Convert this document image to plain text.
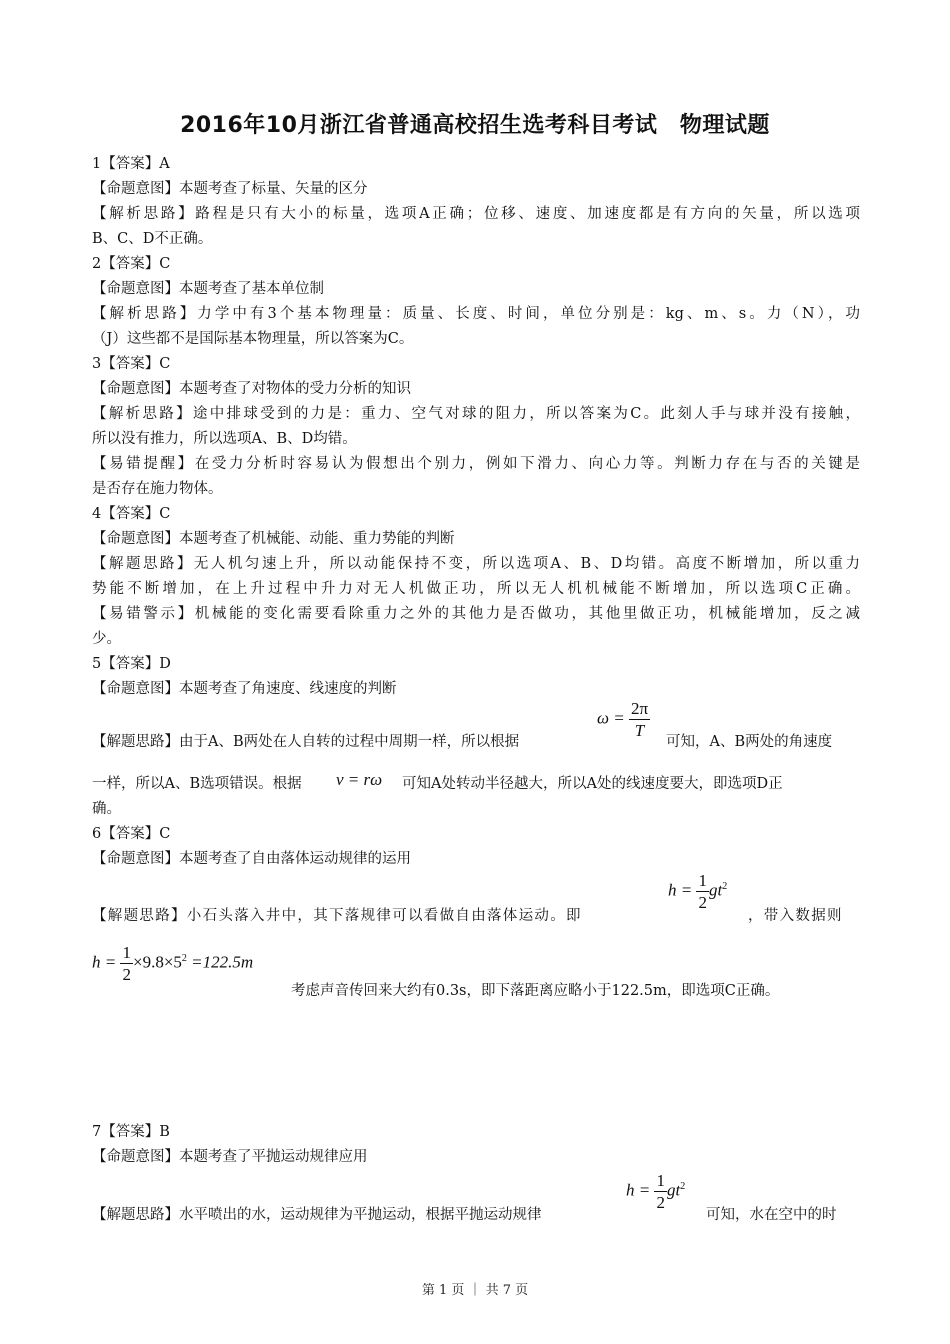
2016年10月浙江省普通高校招生选考科目考试　物理试题
1【答案】A
【命题意图】本题考查了标量、矢量的区分
【解析思路】路程是只有大小的标量，选项A正确；位移、速度、加速度都是有方向的矢量，所以选项
B、C、D不正确。
2【答案】C
【命题意图】本题考查了基本单位制
【解析思路】力学中有3个基本物理量：质量、长度、时间，单位分别是：kg、m、s。力（N），功
（J）这些都不是国际基本物理量，所以答案为C。
3【答案】C
【命题意图】本题考查了对物体的受力分析的知识
【解析思路】途中排球受到的力是：重力、空气对球的阻力，所以答案为C。此刻人手与球并没有接触，
所以没有推力，所以选项A、B、D均错。
【易错提醒】在受力分析时容易认为假想出个别力，例如下滑力、向心力等。判断力存在与否的关键是
是否存在施力物体。
4【答案】C
【命题意图】本题考查了机械能、动能、重力势能的判断
【解题思路】无人机匀速上升，所以动能保持不变，所以选项A、B、D均错。高度不断增加，所以重力
势能不断增加，在上升过程中升力对无人机做正功，所以无人机机械能不断增加，所以选项C正确。
【易错警示】机械能的变化需要看除重力之外的其他力是否做功，其他里做正功，机械能增加，反之减
少。
5【答案】D
【命题意图】本题考查了角速度、线速度的判断
【解题思路】由于A、B两处在人自转的过程中周期一样，所以根据
$\omega = \frac{2\pi}{T}$
可知，A、B两处的角速度
一样，所以A、B选项错误。根据	v = rω 可知A处转动半径越大，所以A处的线速度要大，即选项D正
确。
6【答案】C
【命题意图】本题考查了自由落体运动规律的运用
【解题思路】小石头落入井中，其下落规律可以看做自由落体运动。即
$h = \frac{1}{2} gt^2$
，带入数据则
$h = \frac{1}{2} \times 9.8\times 5^2 =122.5m$
考虑声音传回来大约有0.3s，即下落距离应略小于122.5m，即选项C正确。
7【答案】B
【命题意图】本题考查了平抛运动规律应用
【解题思路】水平喷出的水，运动规律为平抛运动，根据平抛运动规律
$h = \frac{1}{2} gt^2$
可知，水在空中的时
第 1 页 ｜ 共 7 页
